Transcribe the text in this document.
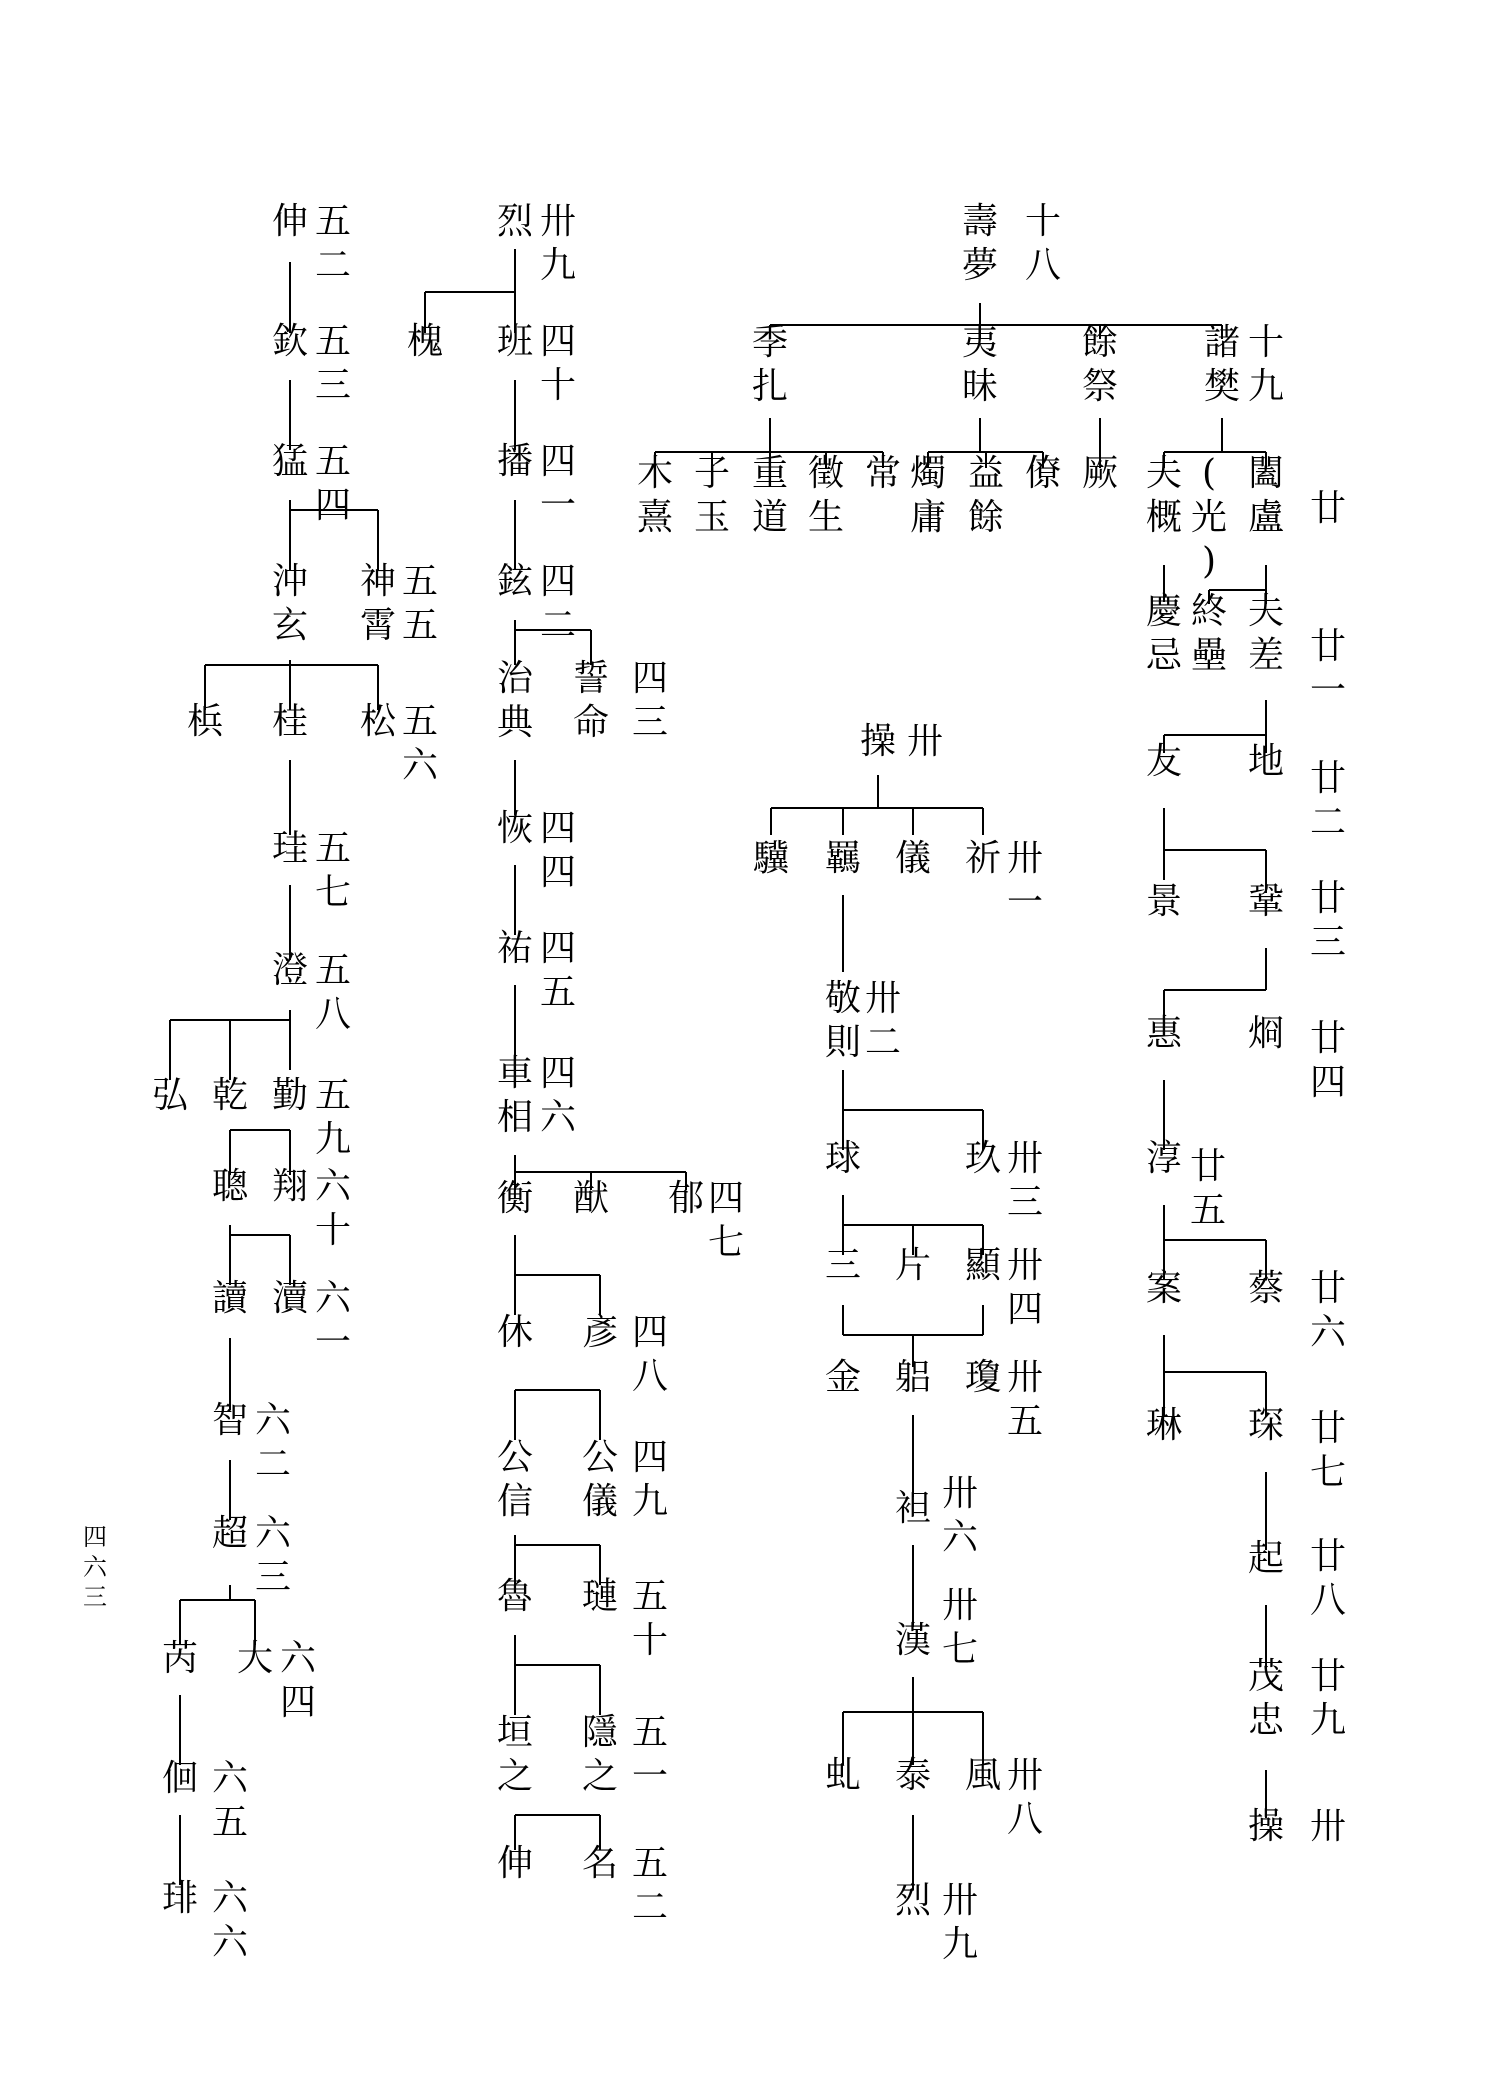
壽夢
諸樊
餘祭
夷昧
季扎
闔盧
(光)
夫概
厥
僚
益餘
燭庸
常
徵生
重道
子玉
木熹
夫差
終壘
慶忌
地
友
鞏
景
烱
惠
淳
蔡
案
琳 琛
起
茂忠
操
操
祈
儀
羈
驥
敬則
玖
球
顯
片
三
瓊
躳
金
袒
漢
風
泰
虬
烈
烈
槐 班
播
鉉
誓命
治典
恢
祐
車相
郁
猷
衡
彥
休
公儀
公信
璉
魯
隱之
垣之
名
伸
伸
欽
猛
神霄
沖玄
松
桂
梹
珪
澄
勤
乾
弘
翔
聰
瀆
讀
智
超
大
芮
佪
琲
十八
十九
廿
廿一
廿二
廿三
廿四
廿五
廿六
廿七
廿八
廿九
卅
卅
卅一
卅二
卅三
卅四
卅五
卅六
卅七
卅八
卅九
卅九
四十
四一
四二
四三
四四
四五
四六
四七
四八
四九
五十
五一
五二
五二
五三
五四
五五
五六
五七
五八
五九
六十
六一
六二
六三
六四
六五
六六
四六三
